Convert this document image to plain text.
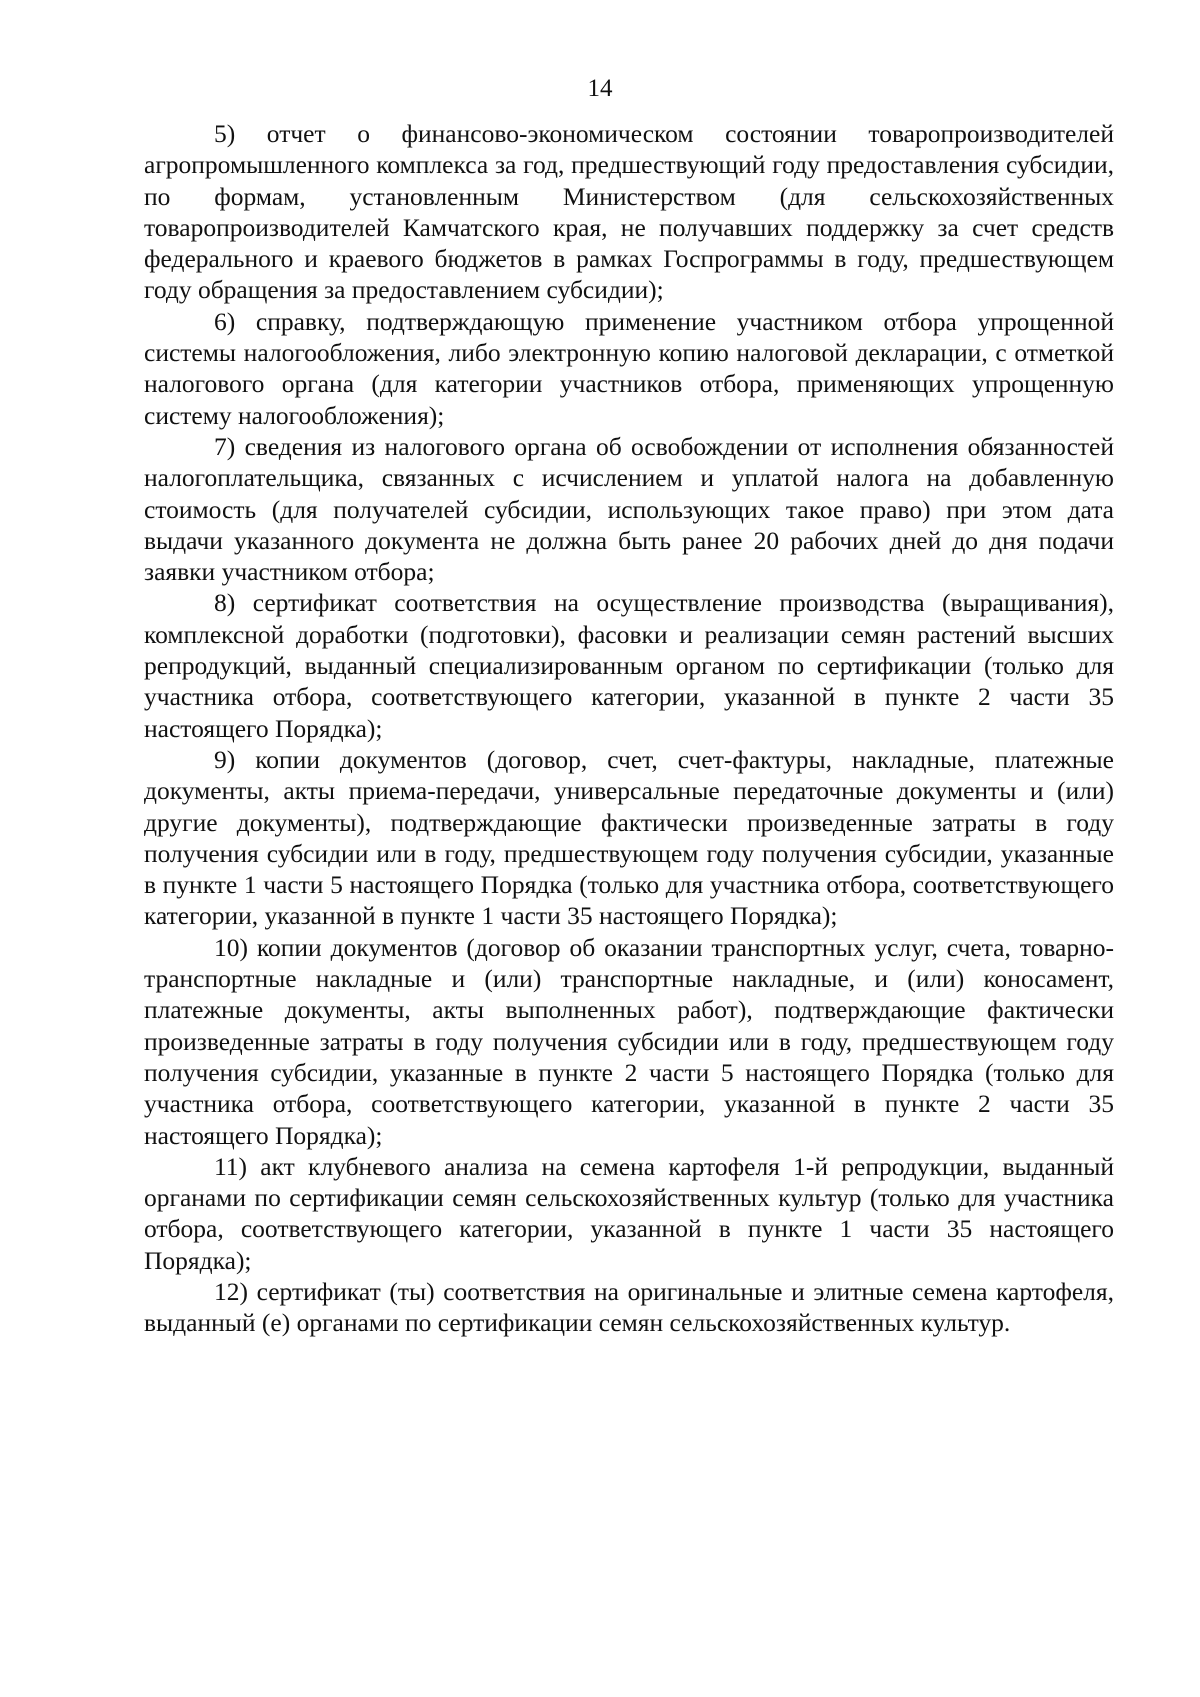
14

5) отчет о финансово-экономическом состоянии товаропроизводителей агропромышленного комплекса за год, предшествующий году предоставления субсидии, по формам, установленным Министерством (для сельскохозяйственных товаропроизводителей Камчатского края, не получавших поддержку за счет средств федерального и краевого бюджетов в рамках Госпрограммы в году, предшествующем году обращения за предоставлением субсидии);

6) справку, подтверждающую применение участником отбора упрощенной системы налогообложения, либо электронную копию налоговой декларации, с отметкой налогового органа (для категории участников отбора, применяющих упрощенную систему налогообложения);

7) сведения из налогового органа об освобождении от исполнения обязанностей налогоплательщика, связанных с исчислением и уплатой налога на добавленную стоимость (для получателей субсидии, использующих такое право) при этом дата выдачи указанного документа не должна быть ранее 20 рабочих дней до дня подачи заявки участником отбора;

8) сертификат соответствия на осуществление производства (выращивания), комплексной доработки (подготовки), фасовки и реализации семян растений высших репродукций, выданный специализированным органом по сертификации (только для участника отбора, соответствующего категории, указанной в пункте 2 части 35 настоящего Порядка);

9) копии документов (договор, счет, счет-фактуры, накладные, платежные документы, акты приема-передачи, универсальные передаточные документы и (или) другие документы), подтверждающие фактически произведенные затраты в году получения субсидии или в году, предшествующем году получения субсидии, указанные в пункте 1 части 5 настоящего Порядка (только для участника отбора, соответствующего категории, указанной в пункте 1 части 35 настоящего Порядка);

10) копии документов (договор об оказании транспортных услуг, счета, товарно-транспортные накладные и (или) транспортные накладные, и (или) коносамент, платежные документы, акты выполненных работ), подтверждающие фактически произведенные затраты в году получения субсидии или в году, предшествующем году получения субсидии, указанные в пункте 2 части 5 настоящего Порядка (только для участника отбора, соответствующего категории, указанной в пункте 2 части 35 настоящего Порядка);

11) акт клубневого анализа на семена картофеля 1-й репродукции, выданный органами по сертификации семян сельскохозяйственных культур (только для участника отбора, соответствующего категории, указанной в пункте 1 части 35 настоящего Порядка);

12) сертификат (ты) соответствия на оригинальные и элитные семена картофеля, выданный (е) органами по сертификации семян сельскохозяйственных культур.
